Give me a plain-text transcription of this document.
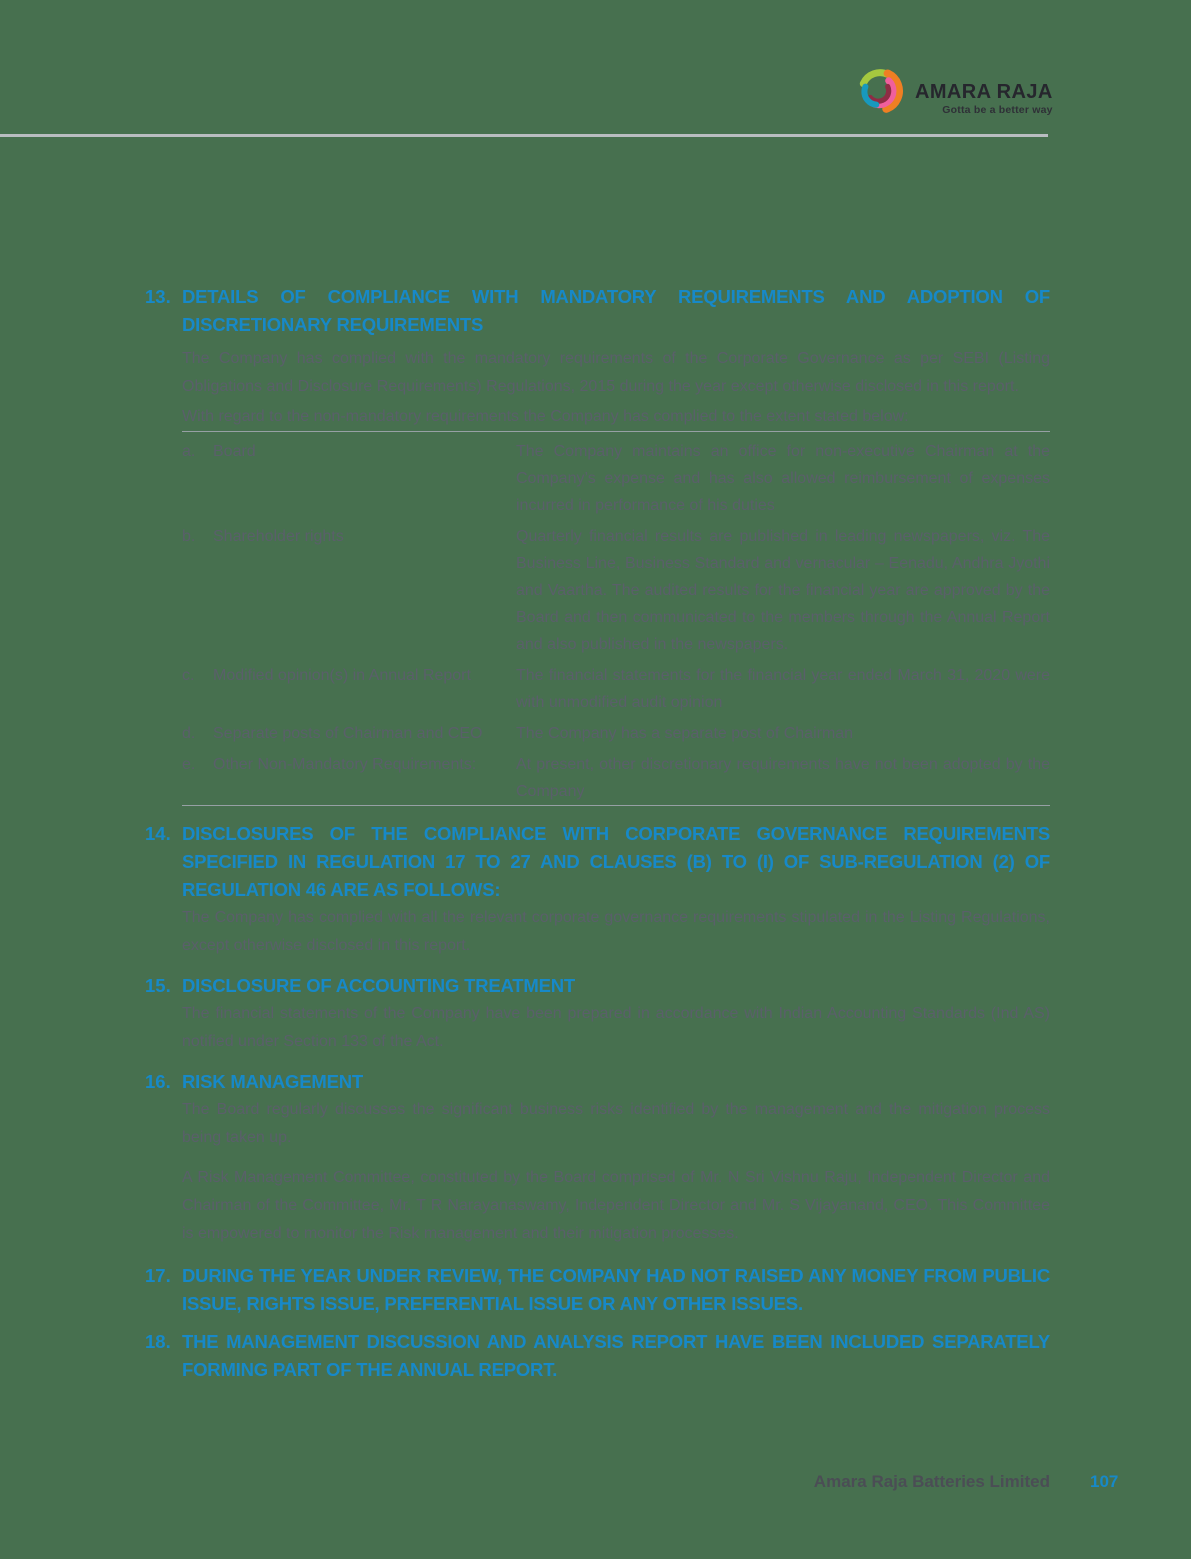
AMARA RAJA
Gotta be a better way
13. DETAILS OF COMPLIANCE WITH MANDATORY REQUIREMENTS AND ADOPTION OF DISCRETIONARY REQUIREMENTS

The Company has complied with the mandatory requirements of the Corporate Governance as per SEBI (Listing Obligations and Disclosure Requirements) Regulations, 2015 during the year except otherwise disclosed in this report.

With regard to the non-mandatory requirements the Company has complied to the extent stated below:

a.	Board	The Company maintains an office for non-executive Chairman at the Company’s expense and has also allowed reimbursement of expenses incurred in performance of his duties
b.	Shareholder rights	Quarterly financial results are published in leading newspapers, viz. The Business Line, Business Standard and vernacular – Eenadu, Andhra Jyothi and Vaartha. The audited results for the financial year are approved by the Board and then communicated to the members through the Annual Report and also published in the newspapers.
c.	Modified opinion(s) in Annual Report	The financial statements for the financial year ended March 31, 2020 were with unmodified audit opinion
d.	Separate posts of Chairman and CEO	The Company has a separate post of Chairman
e.	Other Non-Mandatory Requirements:	At present, other discretionary requirements have not been adopted by the Company
14. DISCLOSURES OF THE COMPLIANCE WITH CORPORATE GOVERNANCE REQUIREMENTS SPECIFIED IN REGULATION 17 TO 27 AND CLAUSES (B) TO (I) OF SUB-REGULATION (2) OF REGULATION 46 ARE AS FOLLOWS:

The Company has complied with all the relevant corporate governance requirements stipulated in the Listing Regulations, except otherwise disclosed in this report.

15. DISCLOSURE OF ACCOUNTING TREATMENT

The financial statements of the Company have been prepared in accordance with Indian Accounting Standards (Ind AS) notified under Section 133 of the Act.

16. RISK MANAGEMENT

The Board regularly discusses the significant business risks identified by the management and the mitigation process being taken up.

A Risk Management Committee, constituted by the Board comprised of Mr. N Sri Vishnu Raju, Independent Director and Chairman of the Committee, Mr. T R Narayanaswamy, Independent Director and Mr. S Vijayanand, CEO. This Committee is empowered to monitor the Risk management and their mitigation processes.

17. DURING THE YEAR UNDER REVIEW, THE COMPANY HAD NOT RAISED ANY MONEY FROM PUBLIC ISSUE, RIGHTS ISSUE, PREFERENTIAL ISSUE OR ANY OTHER ISSUES.
18. THE MANAGEMENT DISCUSSION AND ANALYSIS REPORT HAVE BEEN INCLUDED SEPARATELY FORMING PART OF THE ANNUAL REPORT.
Amara Raja Batteries Limited 107
